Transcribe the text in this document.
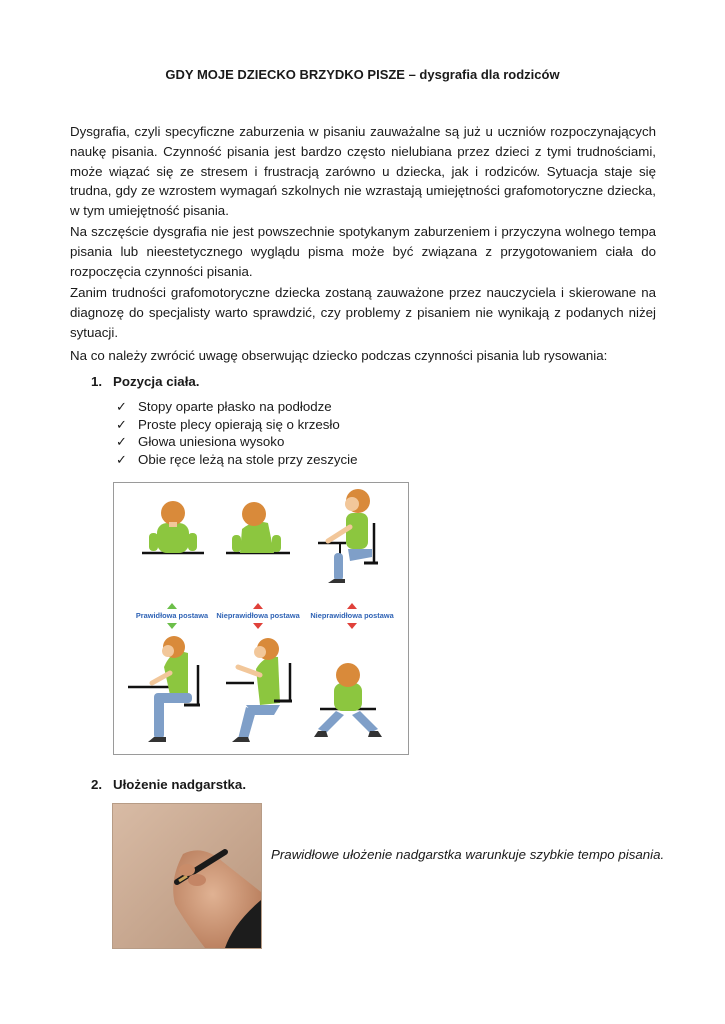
GDY MOJE DZIECKO BRZYDKO PISZE – dysgrafia dla rodziców

Dysgrafia, czyli specyficzne zaburzenia w pisaniu zauważalne są już u uczniów rozpoczynających naukę pisania. Czynność pisania jest bardzo często nielubiana przez dzieci z tymi trudnościami, może wiązać się ze stresem i frustracją zarówno u dziecka, jak i rodziców. Sytuacja staje się trudna, gdy ze wzrostem wymagań szkolnych nie wzrastają umiejętności grafomotoryczne dziecka, w tym umiejętność pisania.

Na szczęście dysgrafia nie jest powszechnie spotykanym zaburzeniem i przyczyna wolnego tempa pisania lub nieestetycznego wyglądu pisma może być związana z przygotowaniem ciała do rozpoczęcia czynności pisania.

Zanim trudności grafomotoryczne dziecka zostaną zauważone przez nauczyciela i skierowane na diagnozę do specjalisty warto sprawdzić, czy problemy z pisaniem nie wynikają z podanych niżej sytuacji.

Na co należy zwrócić uwagę obserwując dziecko podczas czynności pisania lub rysowania:

1. Pozycja ciała.
✓ Stopy oparte płasko na podłodze
✓ Proste plecy opierają się o krzesło
✓ Głowa uniesiona wysoko
✓ Obie ręce leżą na stole przy zeszycie
Prawidłowa postawa Nieprawidłowa postawa Nieprawidłowa postawa
2. Ułożenie nadgarstka.

Prawidłowe ułożenie nadgarstka warunkuje szybkie tempo pisania.
